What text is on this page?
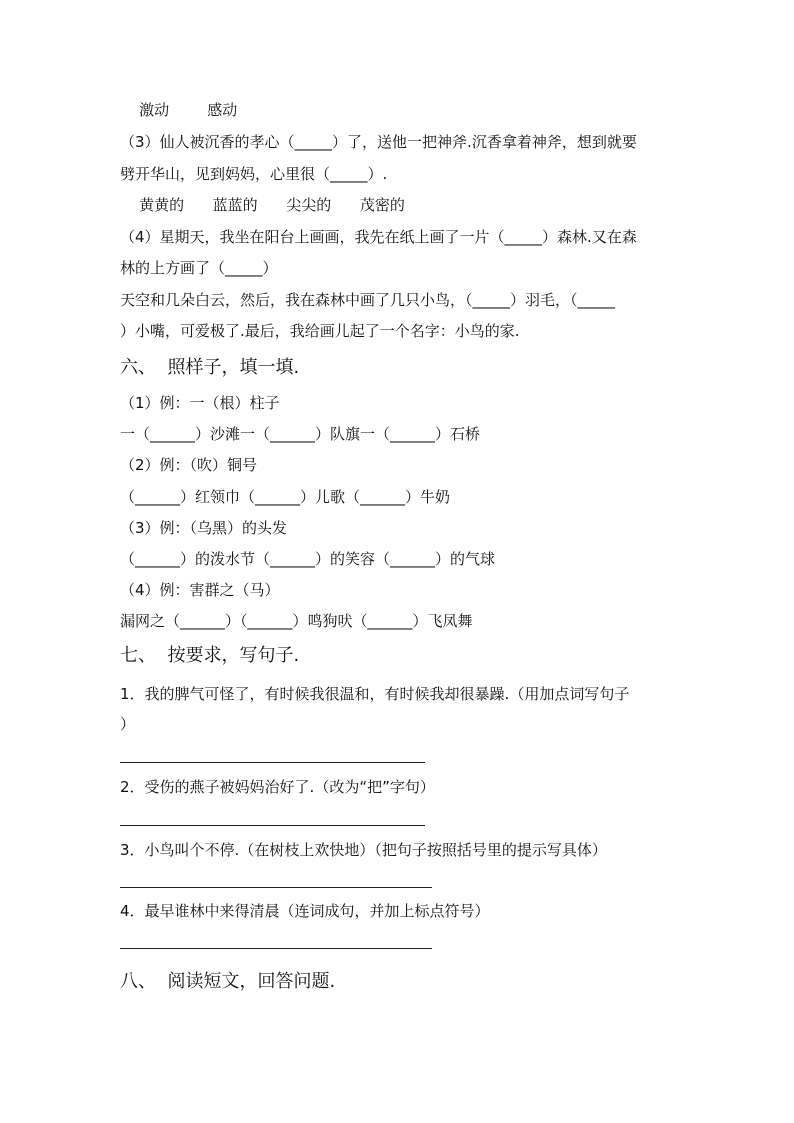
激动        感动
（3）仙人被沉香的孝心（_____）了，送他一把神斧.沉香拿着神斧，想到就要
劈开华山，见到妈妈，心里很（_____）.
黄黄的      蓝蓝的      尖尖的      茂密的
（4）星期天，我坐在阳台上画画，我先在纸上画了一片（_____）森林.又在森
林的上方画了（_____）
天空和几朵白云，然后，我在森林中画了几只小鸟，（_____）羽毛，（_____
）小嘴，可爱极了.最后，我给画儿起了一个名字：小鸟的家.
六、  照样子，填一填.
（1）例：一（根）柱子
一（______）沙滩一（______）队旗一（______）石桥
（2）例：（吹）铜号
（______）红领巾（______）儿歌（______）牛奶
（3）例：（乌黑）的头发
（______）的泼水节（______）的笑容（______）的气球
（4）例：害群之（马）
漏网之（______）（______）鸣狗吠（______）飞凤舞
七、  按要求，写句子.
1．我的脾气可怪了，有时候我很温和，有时候我却很暴躁.（用加点词写句子
）
2．受伤的燕子被妈妈治好了.（改为“把”字句）
3．小鸟叫个不停.（在树枝上欢快地）（把句子按照括号里的提示写具体）
4．最早谁林中来得清晨（连词成句，并加上标点符号）
八、  阅读短文，回答问题.
